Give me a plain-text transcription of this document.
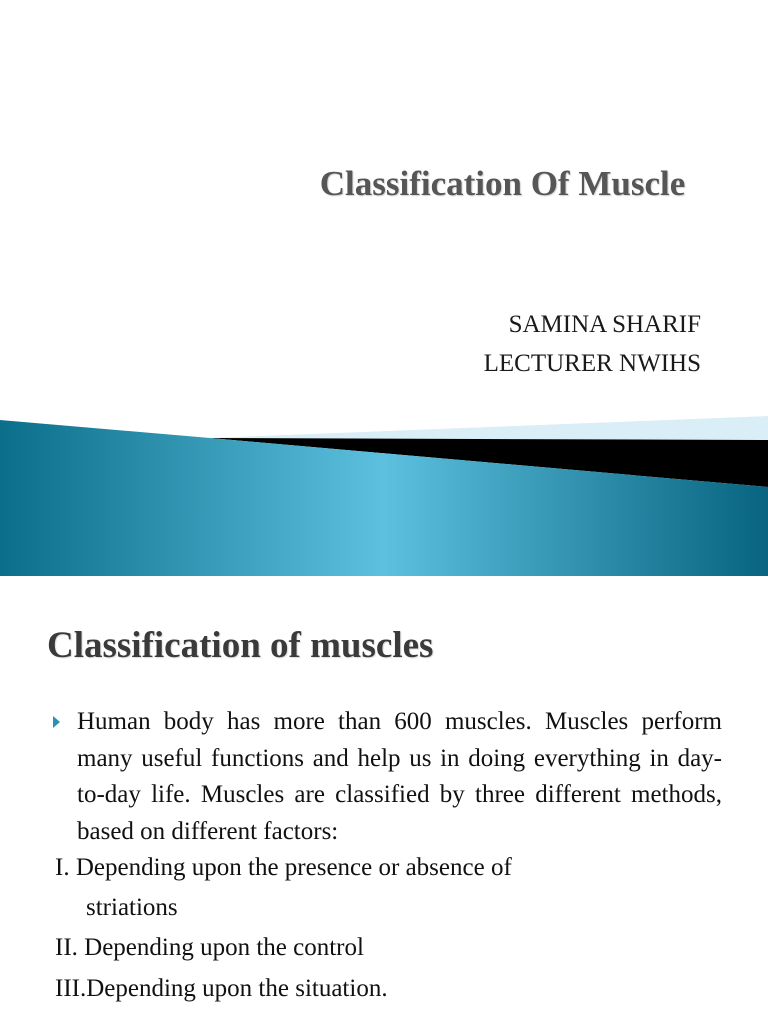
Classification Of Muscle
SAMINA SHARIF
LECTURER NWIHS
Classification of muscles

Human body has more than 600 muscles. Muscles perform many useful functions and help us in doing everything in day-to-day life. Muscles are classified by three different methods, based on different factors:

I. Depending upon the presence or absence of

striations

II. Depending upon the control

III.Depending upon the situation.
